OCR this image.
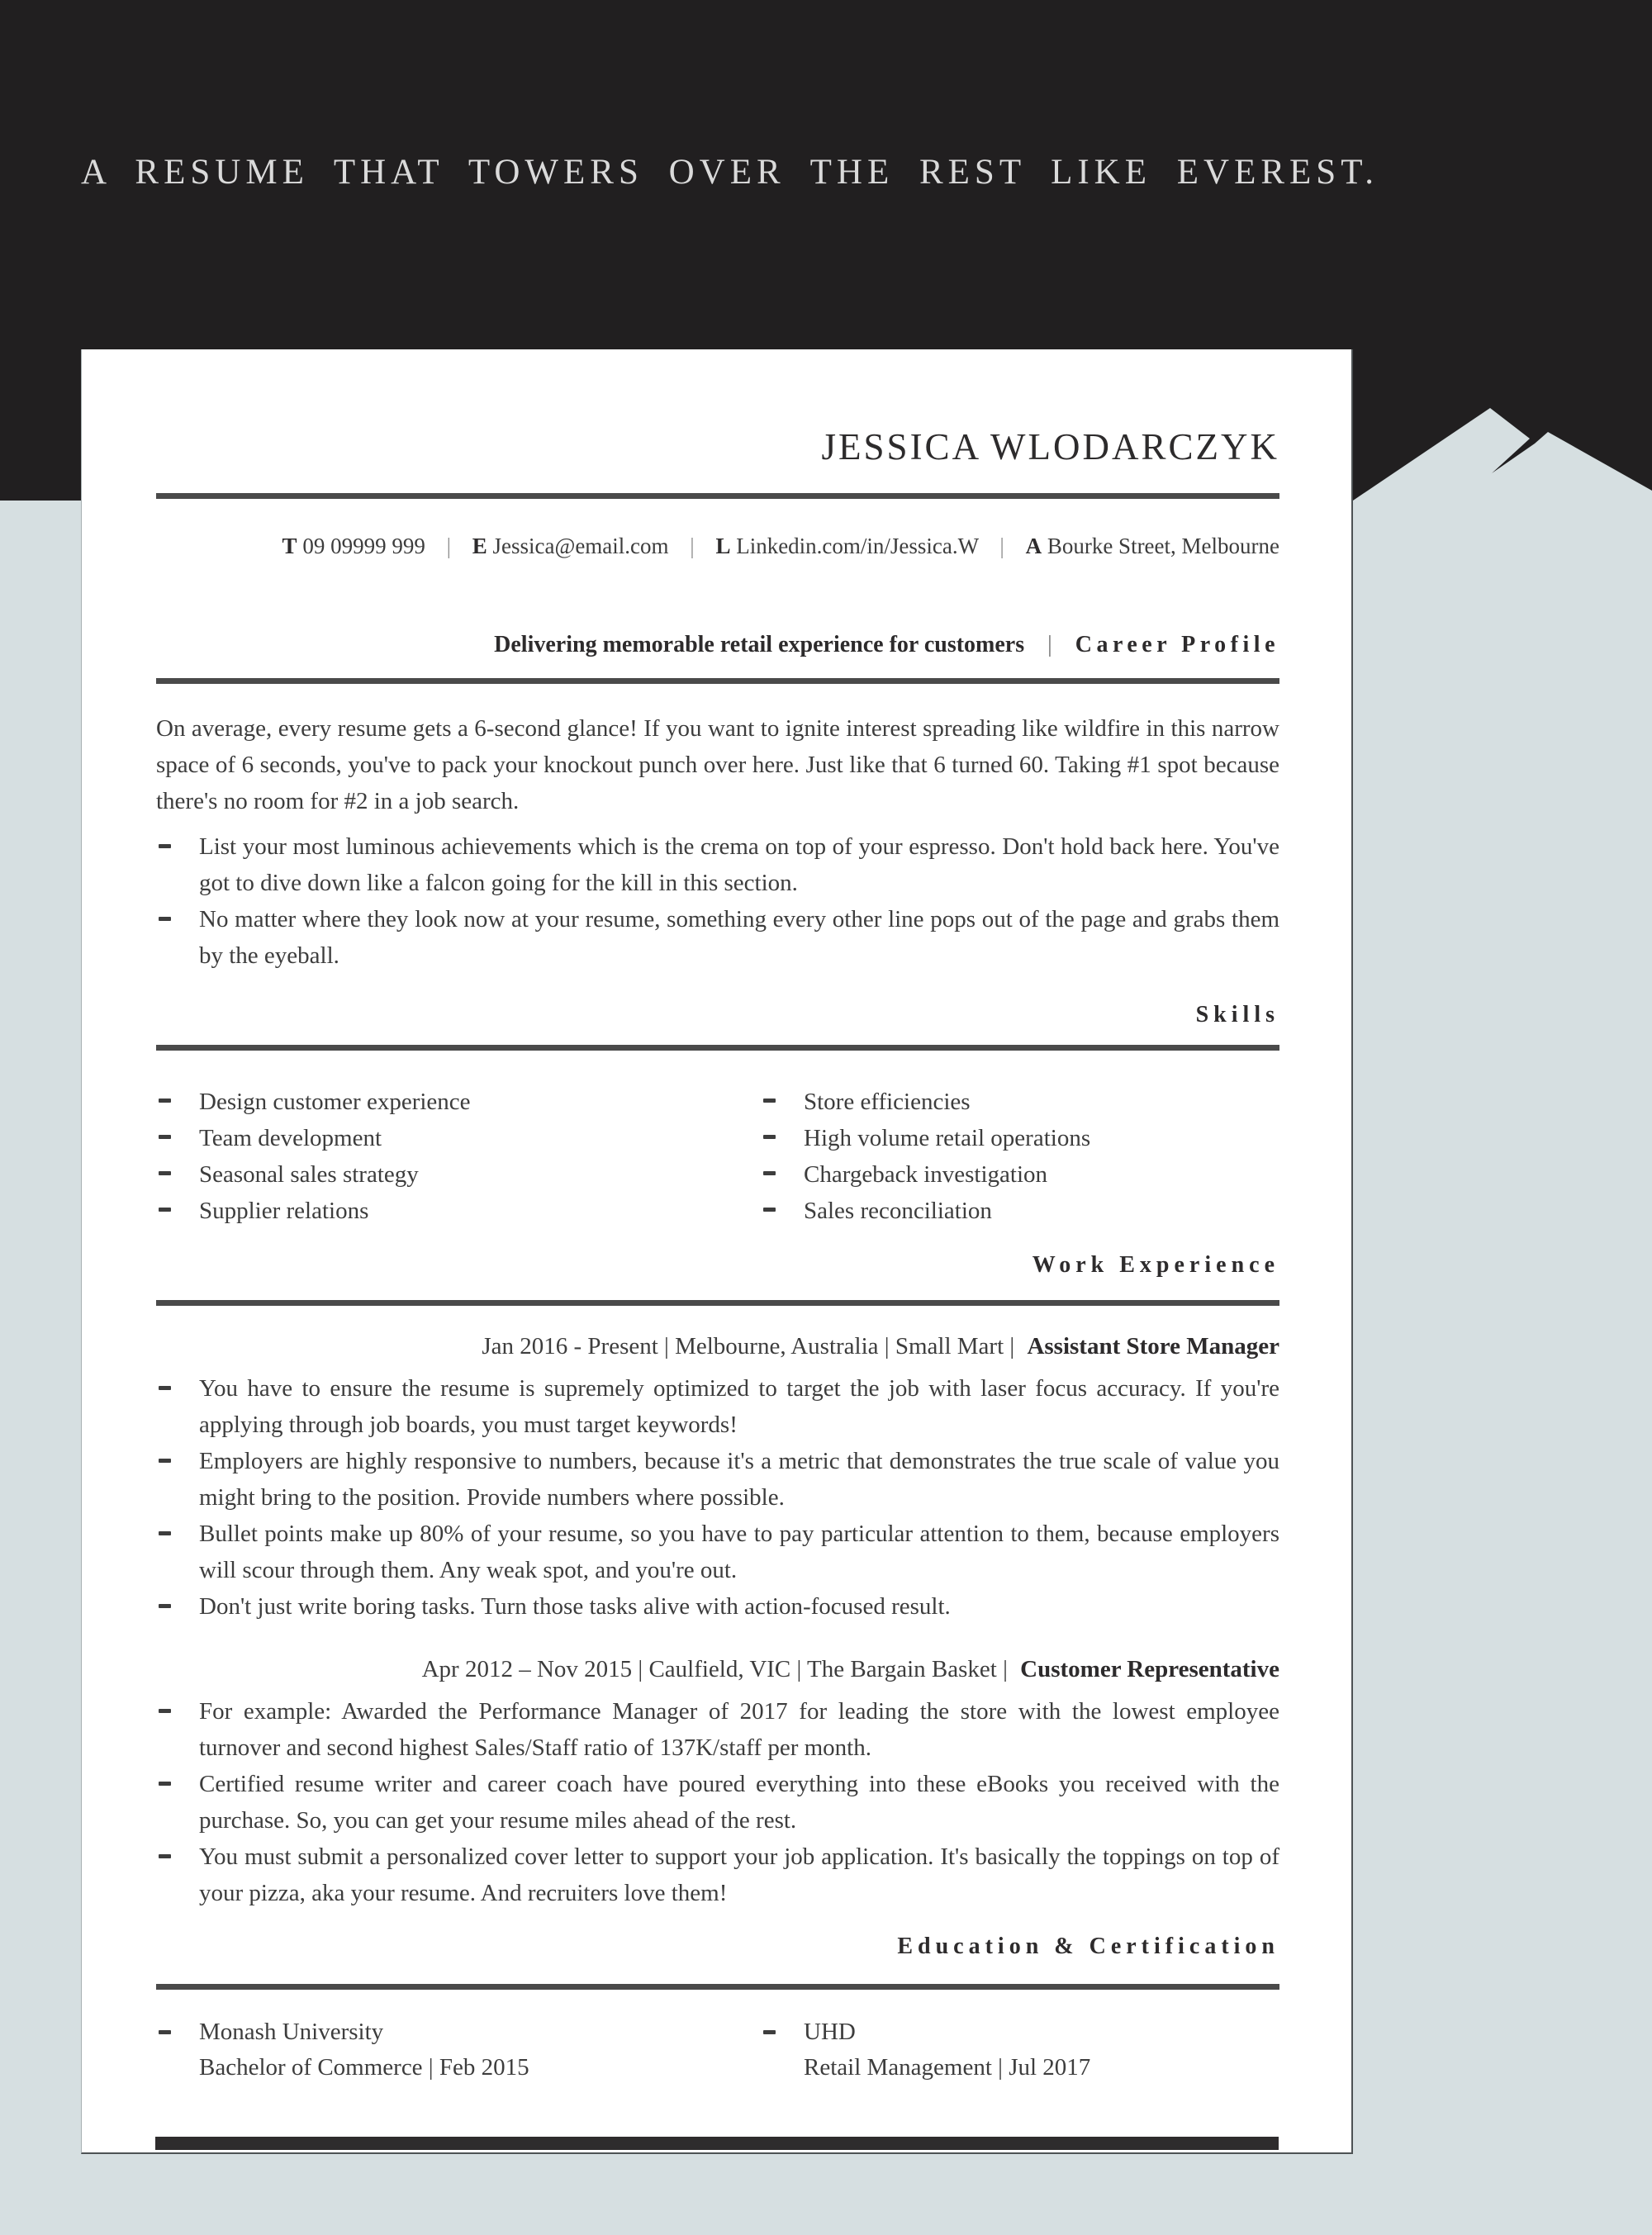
A RESUME THAT TOWERS OVER THE REST LIKE EVEREST.
JESSICA WLODARCZYK
T 09 09999 999 | E Jessica@email.com | L Linkedin.com/in/Jessica.W | A Bourke Street, Melbourne
Delivering memorable retail experience for customers | Career Profile

On average, every resume gets a 6-second glance! If you want to ignite interest spreading like wildfire in this narrow space of 6 seconds, you've to pack your knockout punch over here. Just like that 6 turned 60. Taking #1 spot because there's no room for #2 in a job search.

List your most luminous achievements which is the crema on top of your espresso. Don't hold back here. You've got to dive down like a falcon going for the kill in this section.
No matter where they look now at your resume, something every other line pops out of the page and grabs them by the eyeball.
Skills
Design customer experience
Team development
Seasonal sales strategy
Supplier relations
Store efficiencies
High volume retail operations
Chargeback investigation
Sales reconciliation
Work Experience
Jan 2016 - Present | Melbourne, Australia | Small Mart | Assistant Store Manager
You have to ensure the resume is supremely optimized to target the job with laser focus accuracy. If you're applying through job boards, you must target keywords!
Employers are highly responsive to numbers, because it's a metric that demonstrates the true scale of value you might bring to the position. Provide numbers where possible.
Bullet points make up 80% of your resume, so you have to pay particular attention to them, because employers will scour through them. Any weak spot, and you're out.
Don't just write boring tasks. Turn those tasks alive with action-focused result.
Apr 2012 – Nov 2015 | Caulfield, VIC | The Bargain Basket | Customer Representative
For example: Awarded the Performance Manager of 2017 for leading the store with the lowest employee turnover and second highest Sales/Staff ratio of 137K/staff per month.
Certified resume writer and career coach have poured everything into these eBooks you received with the purchase. So, you can get your resume miles ahead of the rest.
You must submit a personalized cover letter to support your job application. It's basically the toppings on top of your pizza, aka your resume. And recruiters love them!
Education & Certification
Monash University
Bachelor of Commerce | Feb 2015
UHD
Retail Management | Jul 2017
